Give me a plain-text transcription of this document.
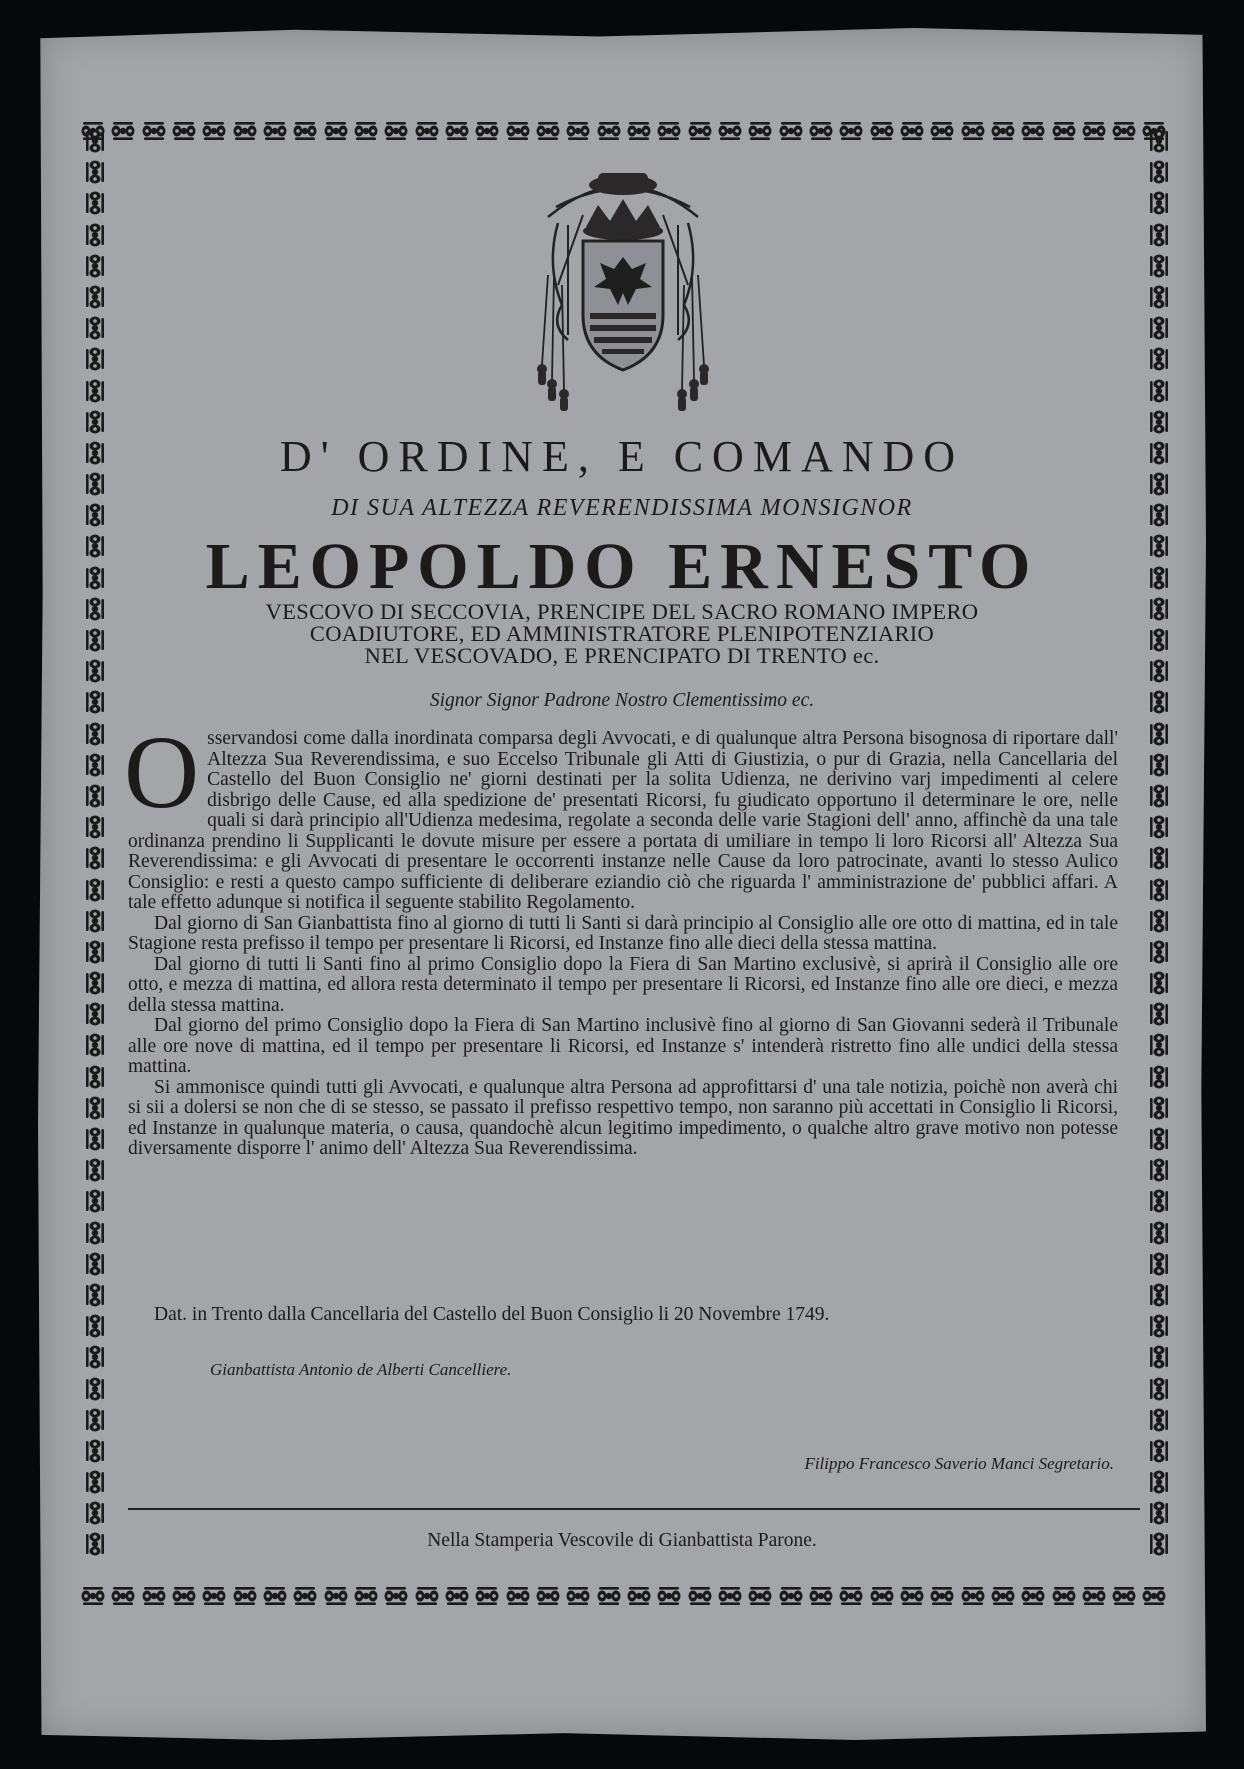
D' ORDINE, E COMANDO
DI SUA ALTEZZA REVERENDISSIMA MONSIGNOR
LEOPOLDO ERNESTO
VESCOVO DI SECCOVIA, PRENCIPE DEL SACRO ROMANO IMPERO
COADIUTORE, ED AMMINISTRATORE PLENIPOTENZIARIO
NEL VESCOVADO, E PRENCIPATO DI TRENTO ec.
Signor Signor Padrone Nostro Clementissimo ec.

Osservandosi come dalla inordinata comparsa degli Avvocati, e di qualunque altra Persona bisognosa di riportare dall' Altezza Sua Reverendissima, e suo Eccelso Tribunale gli Atti di Giustizia, o pur di Grazia, nella Cancellaria del Castello del Buon Consiglio ne' giorni destinati per la solita Udienza, ne derivino varj impedimenti al celere disbrigo delle Cause, ed alla spedizione de' presentati Ricorsi, fu giudicato opportuno il determinare le ore, nelle quali si darà principio all'Udienza medesima, regolate a seconda delle varie Stagioni dell' anno, affinchè da una tale ordinanza prendino li Supplicanti le dovute misure per essere a portata di umiliare in tempo li loro Ricorsi all' Altezza Sua Reverendissima: e gli Avvocati di presentare le occorrenti instanze nelle Cause da loro patrocinate, avanti lo stesso Aulico Consiglio: e resti a questo campo sufficiente di deliberare eziandio ciò che riguarda l' amministrazione de' pubblici affari. A tale effetto adunque si notifica il seguente stabilito Regolamento.

Dal giorno di San Gianbattista fino al giorno di tutti li Santi si darà principio al Consiglio alle ore otto di mattina, ed in tale Stagione resta prefisso il tempo per presentare li Ricorsi, ed Instanze fino alle dieci della stessa mattina.

Dal giorno di tutti li Santi fino al primo Consiglio dopo la Fiera di San Martino exclusivè, si aprirà il Consiglio alle ore otto, e mezza di mattina, ed allora resta determinato il tempo per presentare li Ricorsi, ed Instanze fino alle ore dieci, e mezza della stessa mattina.

Dal giorno del primo Consiglio dopo la Fiera di San Martino inclusivè fino al giorno di San Giovanni sederà il Tribunale alle ore nove di mattina, ed il tempo per presentare li Ricorsi, ed Instanze s' intenderà ristretto fino alle undici della stessa mattina.

Si ammonisce quindi tutti gli Avvocati, e qualunque altra Persona ad approfittarsi d' una tale notizia, poichè non averà chi si sii a dolersi se non che di se stesso, se passato il prefisso respettivo tempo, non saranno più accettati in Consiglio li Ricorsi, ed Instanze in qualunque materia, o causa, quandochè alcun legitimo impedimento, o qualche altro grave motivo non potesse diversamente disporre l' animo dell' Altezza Sua Reverendissima.

Dat. in Trento dalla Cancellaria del Castello del Buon Consiglio li 20 Novembre 1749.
Gianbattista Antonio de Alberti Cancelliere.
Filippo Francesco Saverio Manci Segretario.
Nella Stamperia Vescovile di Gianbattista Parone.
